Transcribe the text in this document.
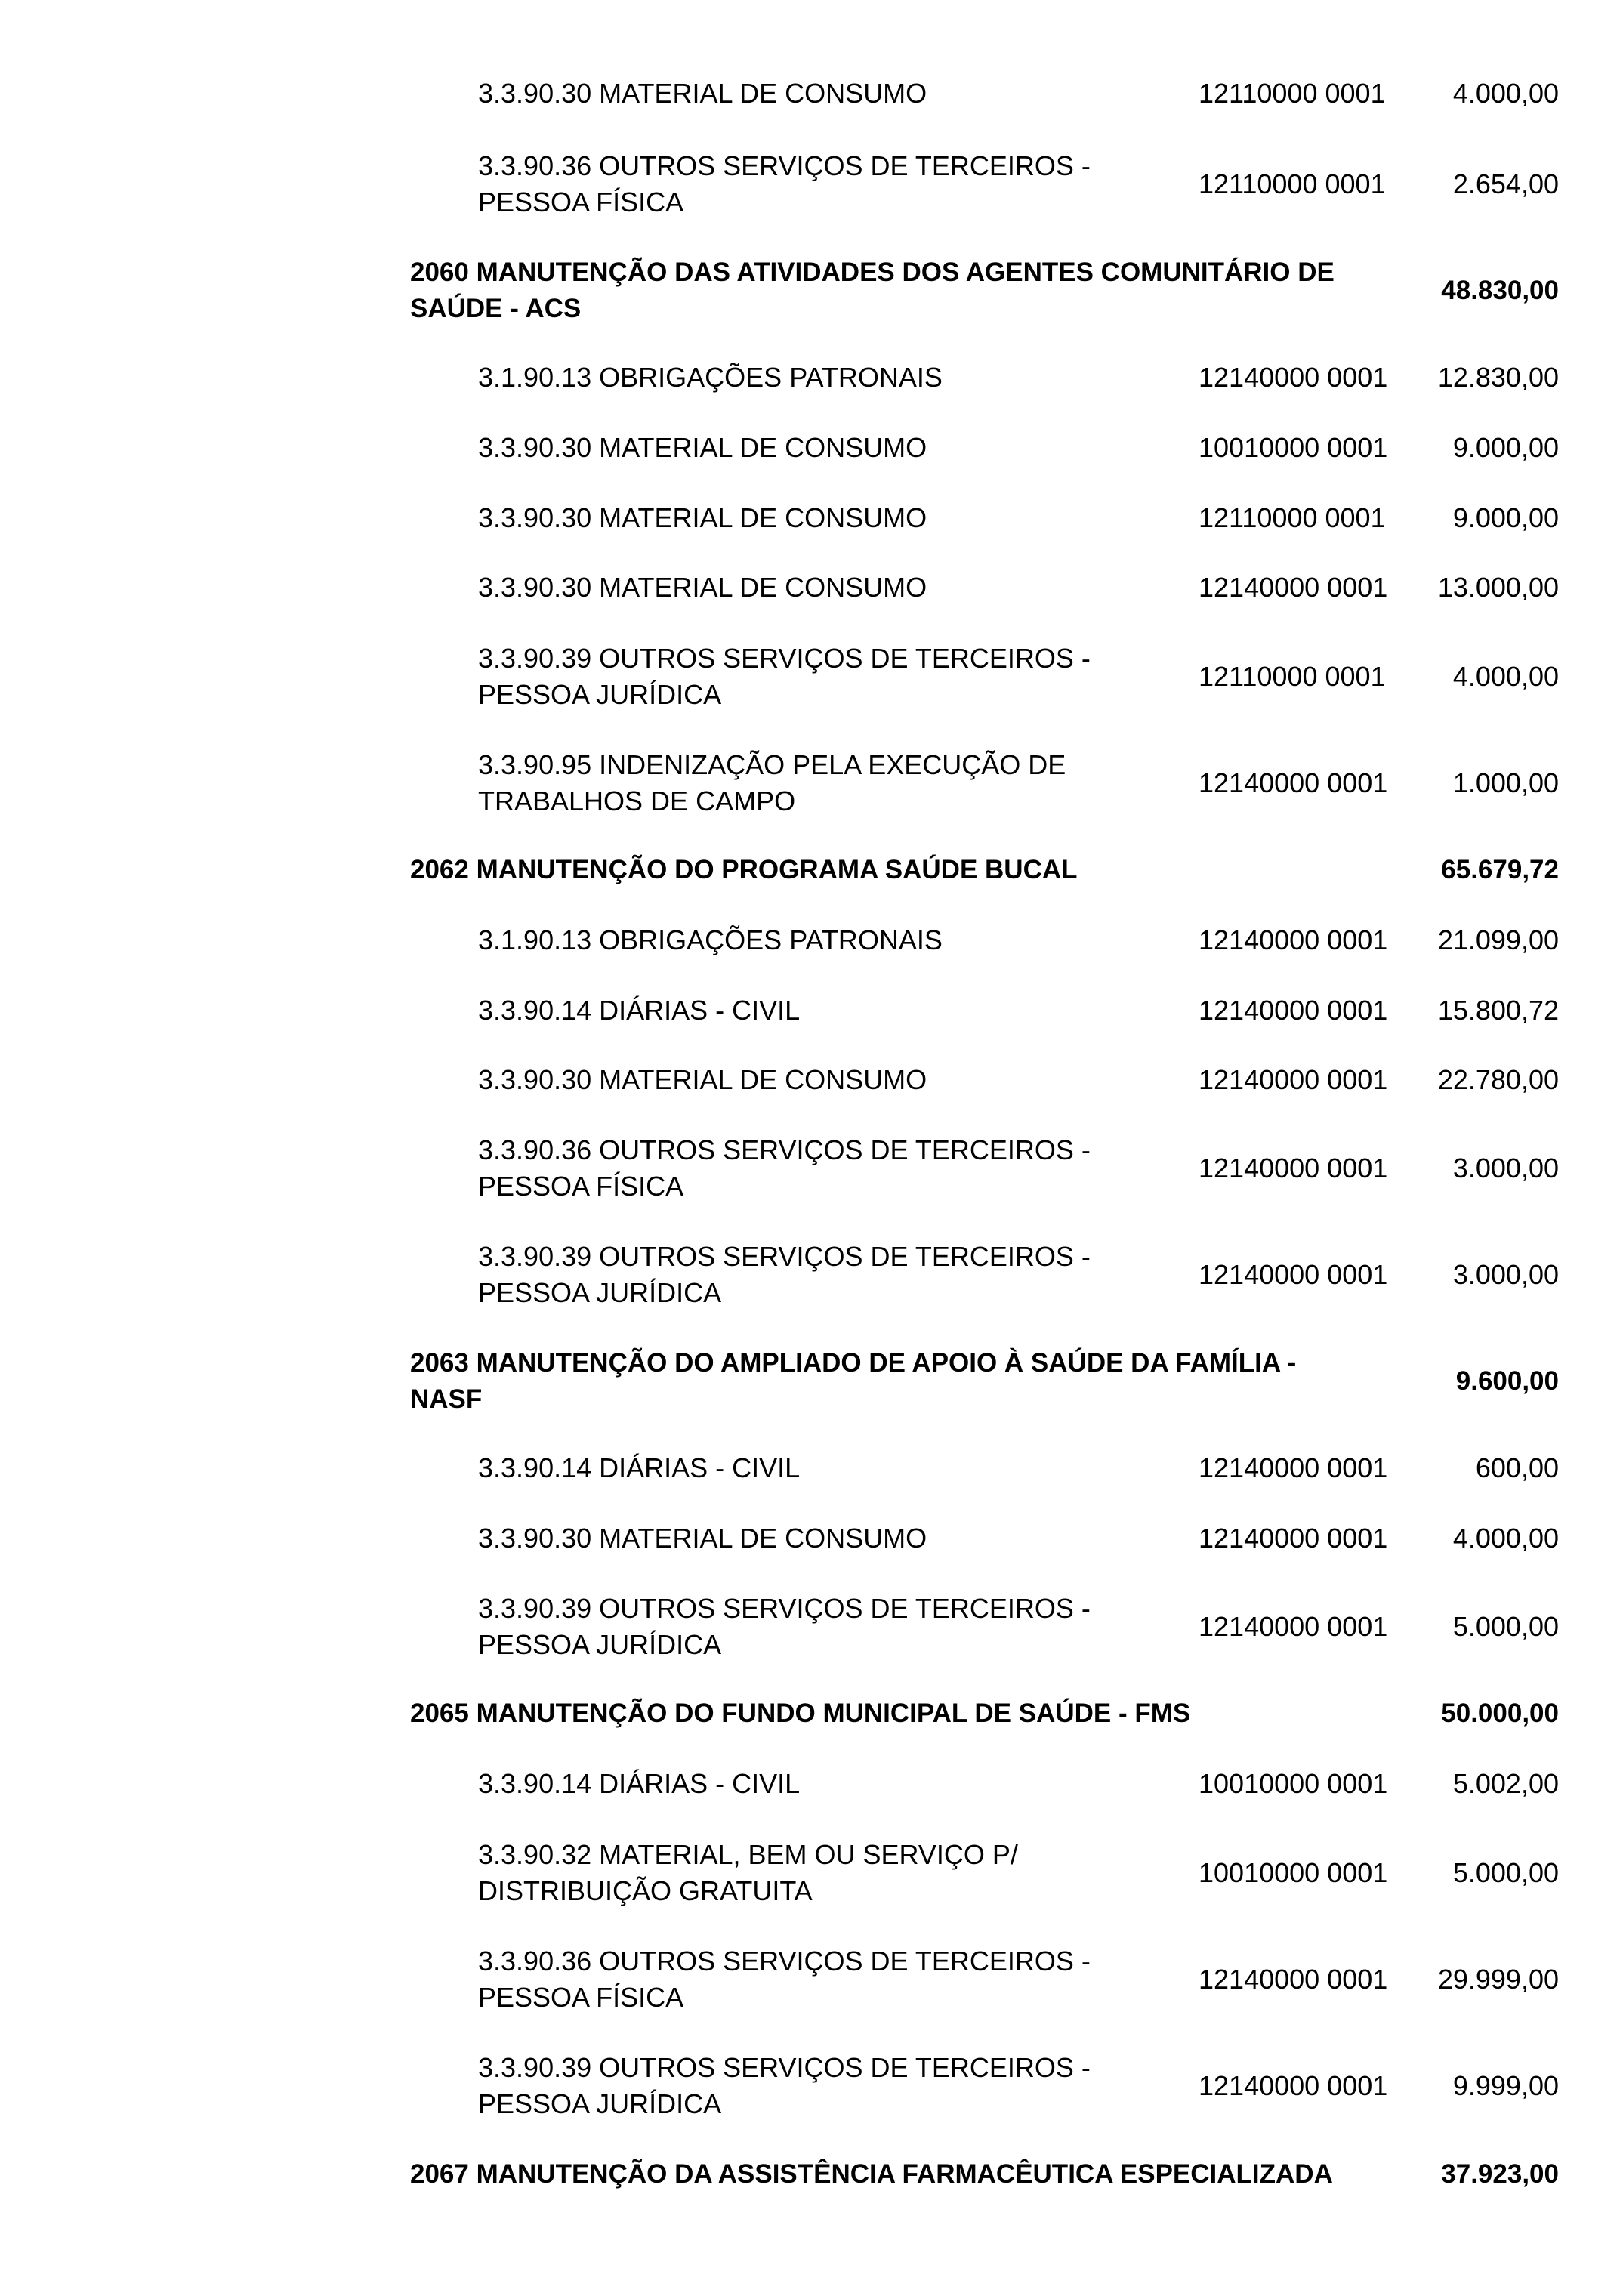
3.3.90.30 MATERIAL DE CONSUMO	12110000 0001 4.000,00
3.3.90.36 OUTROS SERVIÇOS DE TERCEIROS -
PESSOA FÍSICA
12110000 0001 2.654,00
2060 MANUTENÇÃO DAS ATIVIDADES DOS AGENTES COMUNITÁRIO DE
SAÚDE - ACS
48.830,00
3.1.90.13 OBRIGAÇÕES PATRONAIS	12140000 0001 12.830,00
3.3.90.30 MATERIAL DE CONSUMO	10010000 0001 9.000,00
3.3.90.30 MATERIAL DE CONSUMO	12110000 0001 9.000,00
3.3.90.30 MATERIAL DE CONSUMO	12140000 0001 13.000,00
3.3.90.39 OUTROS SERVIÇOS DE TERCEIROS -
PESSOA JURÍDICA
12110000 0001 4.000,00
3.3.90.95 INDENIZAÇÃO PELA EXECUÇÃO DE
TRABALHOS DE CAMPO
12140000 0001 1.000,00
2062 MANUTENÇÃO DO PROGRAMA SAÚDE BUCAL	65.679,72
3.1.90.13 OBRIGAÇÕES PATRONAIS	12140000 0001 21.099,00
3.3.90.14 DIÁRIAS - CIVIL	12140000 0001 15.800,72
3.3.90.30 MATERIAL DE CONSUMO	12140000 0001 22.780,00
3.3.90.36 OUTROS SERVIÇOS DE TERCEIROS -
PESSOA FÍSICA
12140000 0001 3.000,00
3.3.90.39 OUTROS SERVIÇOS DE TERCEIROS -
PESSOA JURÍDICA
12140000 0001 3.000,00
2063 MANUTENÇÃO DO AMPLIADO DE APOIO À SAÚDE DA FAMÍLIA -
NASF
9.600,00
3.3.90.14 DIÁRIAS - CIVIL	12140000 0001	600,00
3.3.90.30 MATERIAL DE CONSUMO	12140000 0001 4.000,00
3.3.90.39 OUTROS SERVIÇOS DE TERCEIROS -
PESSOA JURÍDICA
12140000 0001 5.000,00
2065 MANUTENÇÃO DO FUNDO MUNICIPAL DE SAÚDE - FMS	50.000,00
3.3.90.14 DIÁRIAS - CIVIL	10010000 0001 5.002,00
3.3.90.32 MATERIAL, BEM OU SERVIÇO P/
DISTRIBUIÇÃO GRATUITA
10010000 0001 5.000,00
3.3.90.36 OUTROS SERVIÇOS DE TERCEIROS -
PESSOA FÍSICA
12140000 0001 29.999,00
3.3.90.39 OUTROS SERVIÇOS DE TERCEIROS -
PESSOA JURÍDICA
12140000 0001 9.999,00
2067 MANUTENÇÃO DA ASSISTÊNCIA FARMACÊUTICA ESPECIALIZADA	37.923,00
